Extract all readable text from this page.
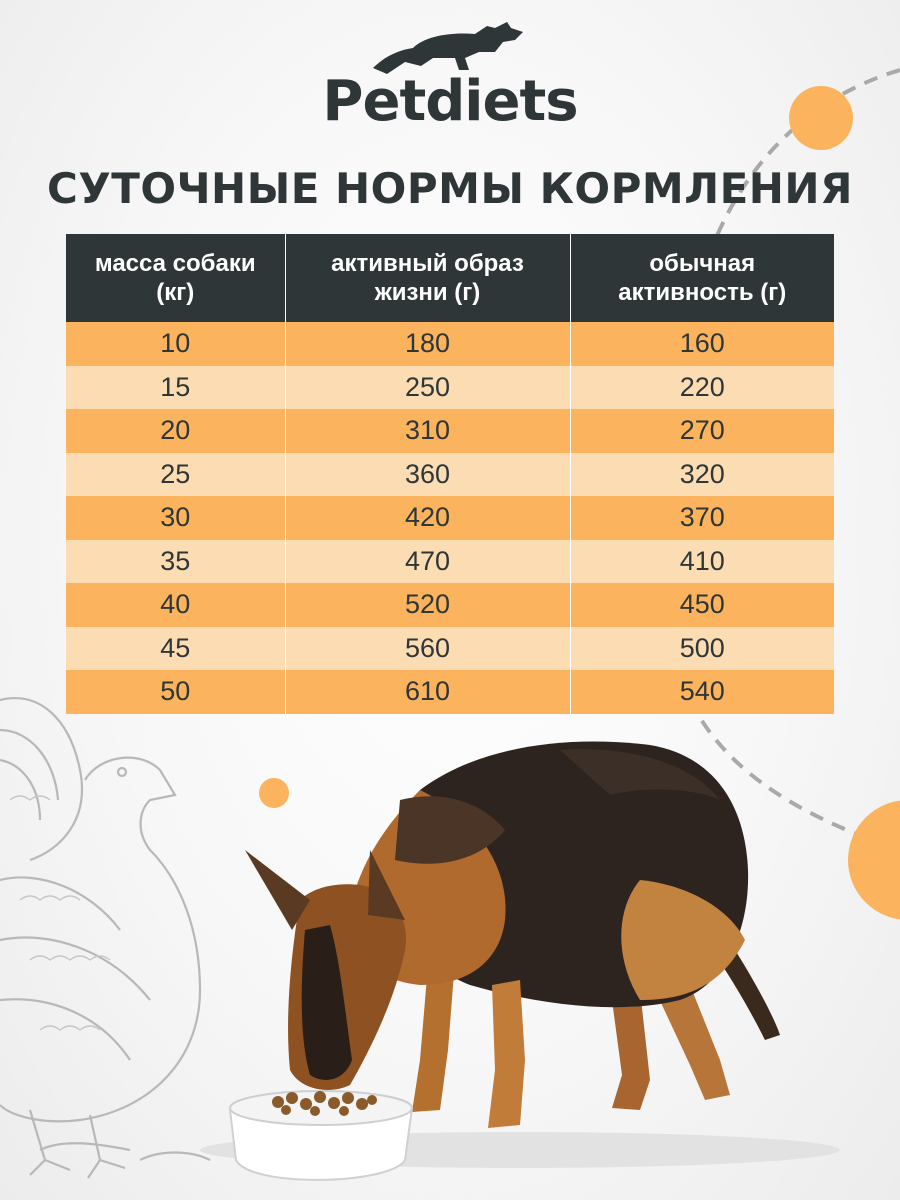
Petdiets
СУТОЧНЫЕ НОРМЫ КОРМЛЕНИЯ
масса собаки (кг)	активный образ жизни (г)	обычная активность (г)
10	180	160
15	250	220
20	310	270
25	360	320
30	420	370
35	470	410
40	520	450
45	560	500
50	610	540
